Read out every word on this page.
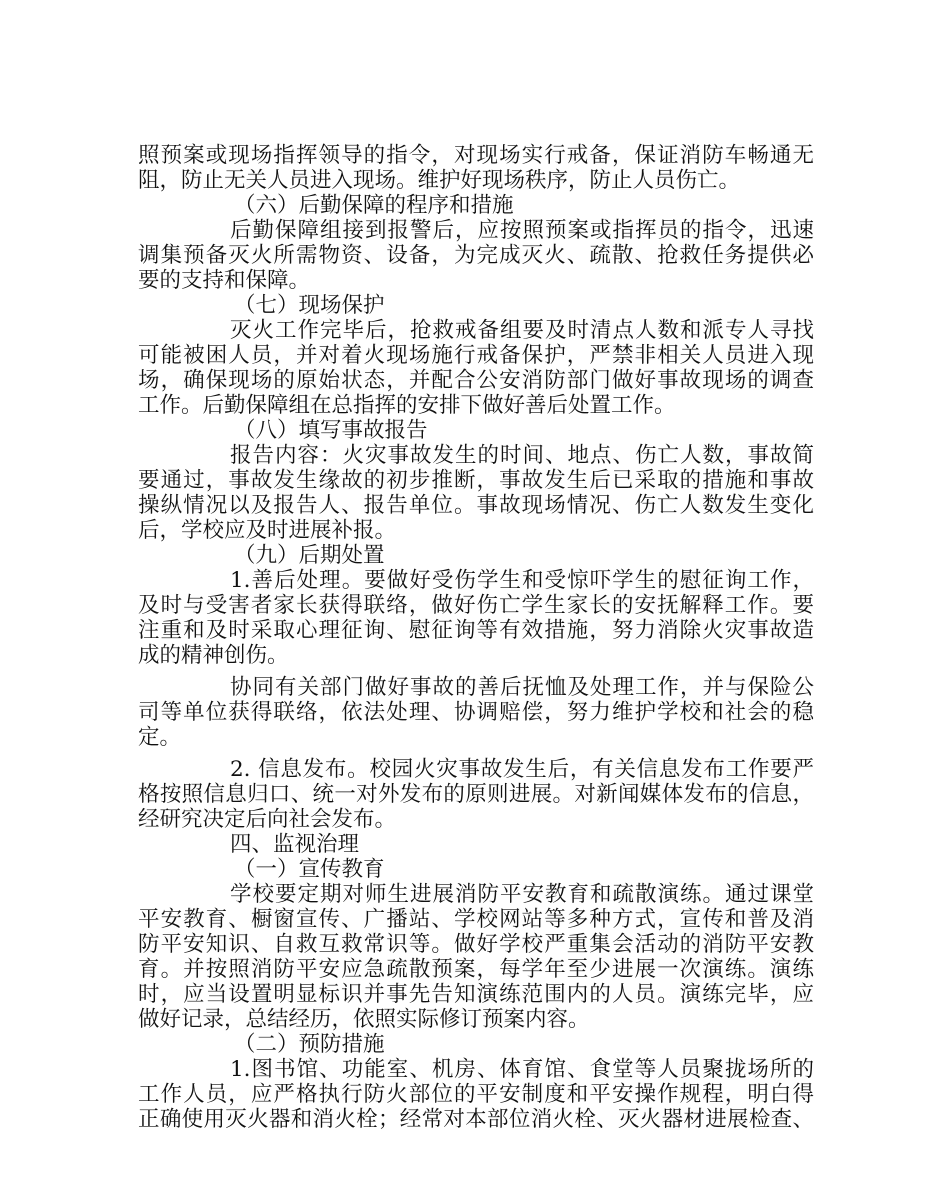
照预案或现场指挥领导的指令，对现场实行戒备，保证消防车畅通无
阻，防止无关人员进入现场。维护好现场秩序，防止人员伤亡。
（六）后勤保障的程序和措施
后勤保障组接到报警后，应按照预案或指挥员的指令，迅速
调集预备灭火所需物资、设备，为完成灭火、疏散、抢救任务提供必
要的支持和保障。
（七）现场保护
灭火工作完毕后，抢救戒备组要及时清点人数和派专人寻找
可能被困人员，并对着火现场施行戒备保护，严禁非相关人员进入现
场，确保现场的原始状态，并配合公安消防部门做好事故现场的调查
工作。后勤保障组在总指挥的安排下做好善后处置工作。
（八）填写事故报告
报告内容：火灾事故发生的时间、地点、伤亡人数，事故简
要通过，事故发生缘故的初步推断，事故发生后已采取的措施和事故
操纵情况以及报告人、报告单位。事故现场情况、伤亡人数发生变化
后，学校应及时进展补报。
（九）后期处置
1.善后处理。要做好受伤学生和受惊吓学生的慰征询工作，
及时与受害者家长获得联络，做好伤亡学生家长的安抚解释工作。要
注重和及时采取心理征询、慰征询等有效措施，努力消除火灾事故造
成的精神创伤。
协同有关部门做好事故的善后抚恤及处理工作，并与保险公
司等单位获得联络，依法处理、协调赔偿，努力维护学校和社会的稳
定。
2. 信息发布。校园火灾事故发生后，有关信息发布工作要严
格按照信息归口、统一对外发布的原则进展。对新闻媒体发布的信息，
经研究决定后向社会发布。
四、监视治理
（一）宣传教育
学校要定期对师生进展消防平安教育和疏散演练。通过课堂
平安教育、橱窗宣传、广播站、学校网站等多种方式，宣传和普及消
防平安知识、自救互救常识等。做好学校严重集会活动的消防平安教
育。并按照消防平安应急疏散预案，每学年至少进展一次演练。演练
时，应当设置明显标识并事先告知演练范围内的人员。演练完毕，应
做好记录，总结经历，依照实际修订预案内容。
（二）预防措施
1.图书馆、功能室、机房、体育馆、食堂等人员聚拢场所的
工作人员，应严格执行防火部位的平安制度和平安操作规程，明白得
正确使用灭火器和消火栓；经常对本部位消火栓、灭火器材进展检查、
